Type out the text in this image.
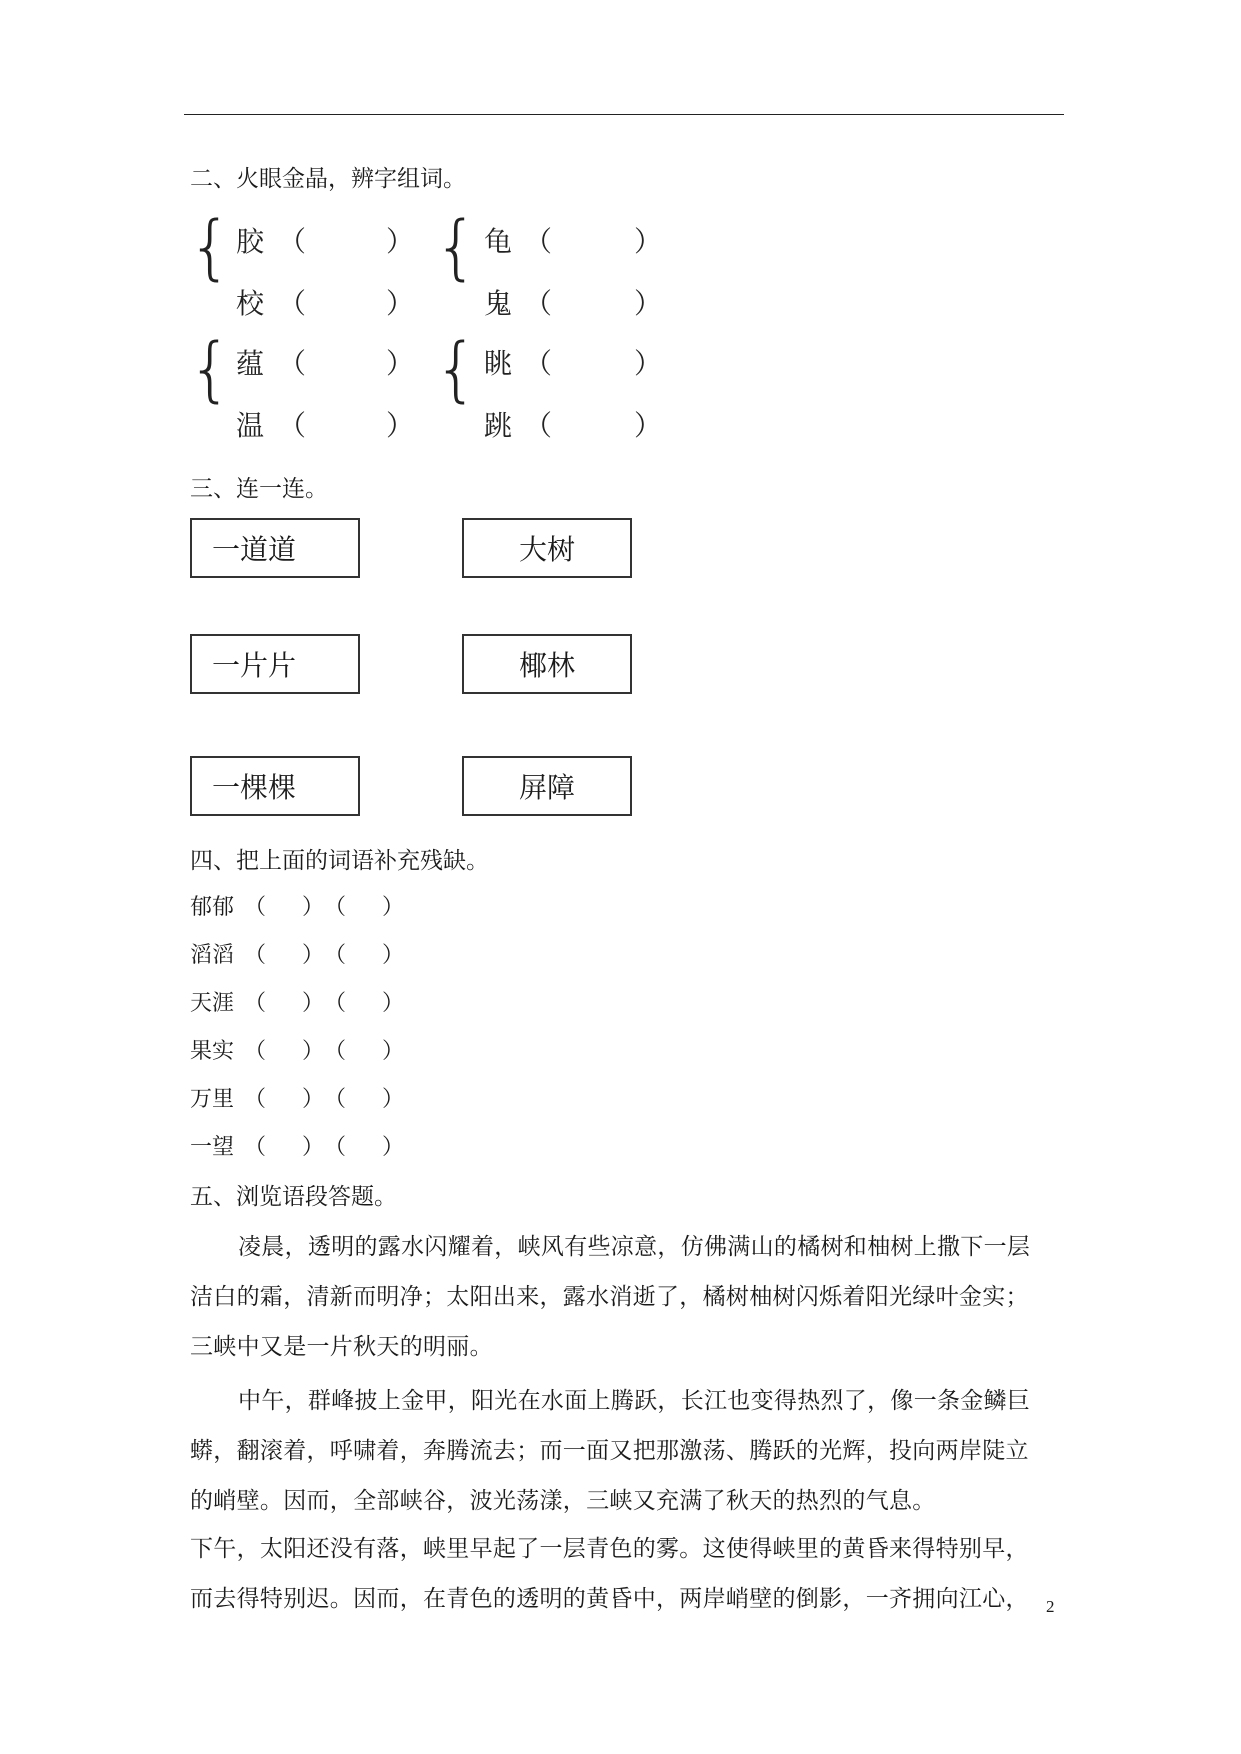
二、火眼金晶，辨字组词。
{ 胶 （	）
校 （	）
{ 龟 （	）
鬼 （	）
{ 蕴 （	）
温 （	）
{ 眺 （	）
跳 （	）
三、连一连。
一道道	大树
一片片	椰林
一棵棵	屏障
四、把上面的词语补充残缺。
郁郁 （ ） （ ）
滔滔 （ ） （ ）
天涯 （ ） （ ）
果实 （ ） （ ）
万里 （ ） （ ）
一望 （ ） （ ）
五、浏览语段答题。
凌晨，透明的露水闪耀着，峡风有些凉意，仿佛满山的橘树和柚树上撒下一层
洁白的霜，清新而明净；太阳出来，露水消逝了，橘树柚树闪烁着阳光绿叶金实；
三峡中又是一片秋天的明丽。
中午，群峰披上金甲，阳光在水面上腾跃，长江也变得热烈了，像一条金鳞巨
蟒，翻滚着，呼啸着，奔腾流去；而一面又把那激荡、腾跃的光辉，投向两岸陡立
的峭壁。因而，全部峡谷，波光荡漾，三峡又充满了秋天的热烈的气息。
下午，太阳还没有落，峡里早起了一层青色的雾。这使得峡里的黄昏来得特别早，
而去得特别迟。因而，在青色的透明的黄昏中，两岸峭壁的倒影，一齐拥向江心， 2
